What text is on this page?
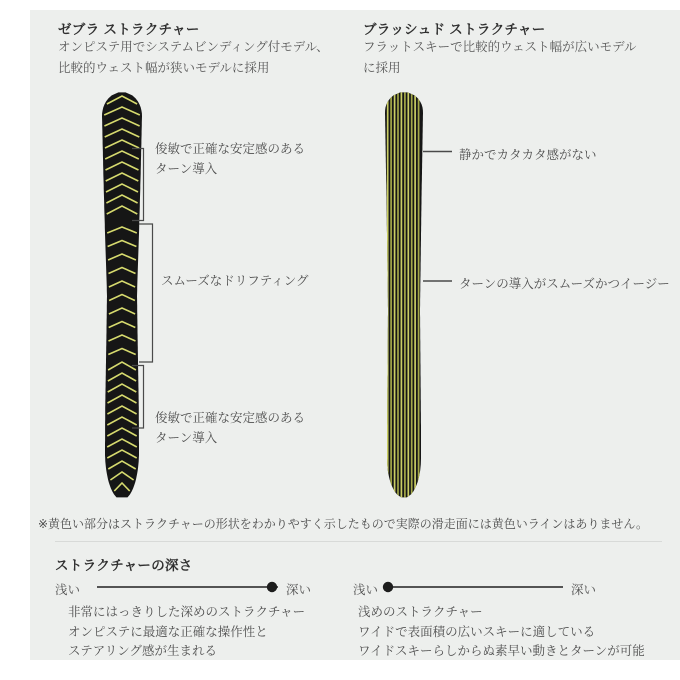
ゼブラ ストラクチャー
オンピステ用でシステムビンディング付モデル、
比較的ウェスト幅が狭いモデルに採用
ブラッシュド ストラクチャー
フラットスキーで比較的ウェスト幅が広いモデル
に採用
俊敏で正確な安定感のある
ターン導入
スムーズなドリフティング
俊敏で正確な安定感のある
ターン導入
静かでカタカタ感がない
ターンの導入がスムーズかつイージー
※黄色い部分はストラクチャーの形状をわかりやすく示したもので実際の滑走面には黄色いラインはありません。
ストラクチャーの深さ
浅い	深い	浅い	深い
非常にはっきりした深めのストラクチャー
オンピステに最適な正確な操作性と
ステアリング感が生まれる
浅めのストラクチャー
ワイドで表面積の広いスキーに適している
ワイドスキーらしからぬ素早い動きとターンが可能
